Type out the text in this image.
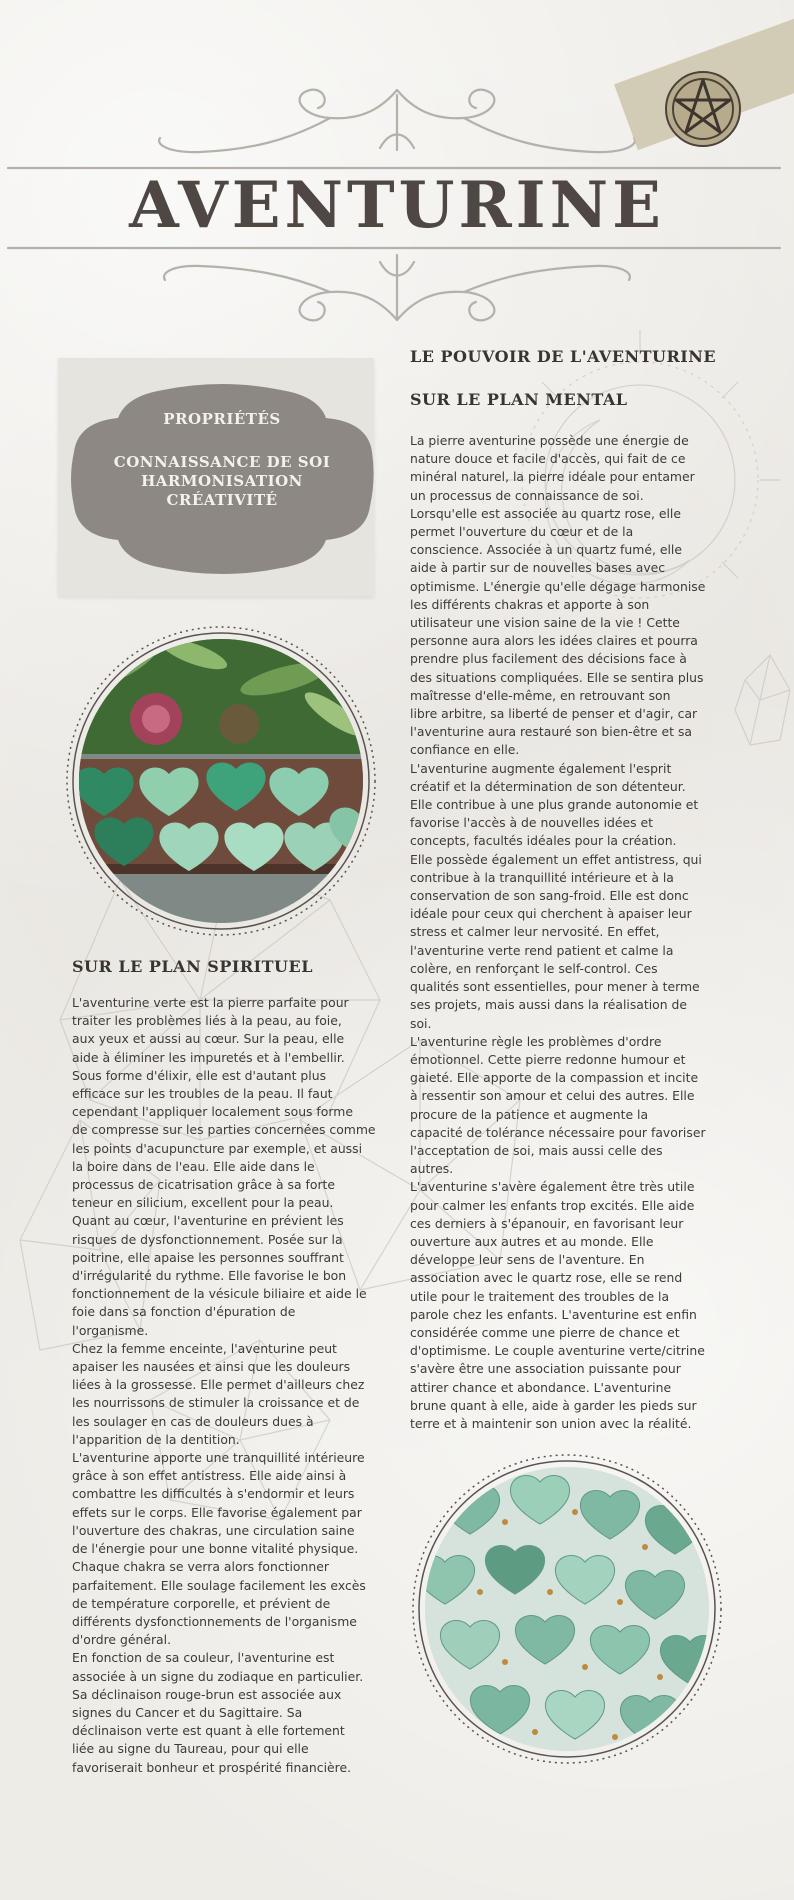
AVENTURINE
PROPRIÉTÉS
CONNAISSANCE DE SOI
HARMONISATION
CRÉATIVITÉ
LE POUVOIR DE L'AVENTURINE
SUR LE PLAN MENTAL

La pierre aventurine possède une énergie de
nature douce et facile d'accès, qui fait de ce
minéral naturel, la pierre idéale pour entamer
un processus de connaissance de soi.
Lorsqu'elle est associée au quartz rose, elle
permet l'ouverture du cœur et de la
conscience. Associée à un quartz fumé, elle
aide à partir sur de nouvelles bases avec
optimisme. L'énergie qu'elle dégage harmonise
les différents chakras et apporte à son
utilisateur une vision saine de la vie ! Cette
personne aura alors les idées claires et pourra
prendre plus facilement des décisions face à
des situations compliquées. Elle se sentira plus
maîtresse d'elle-même, en retrouvant son
libre arbitre, sa liberté de penser et d'agir, car
l'aventurine aura restauré son bien-être et sa
confiance en elle.
L'aventurine augmente également l'esprit
créatif et la détermination de son détenteur.
Elle contribue à une plus grande autonomie et
favorise l'accès à de nouvelles idées et
concepts, facultés idéales pour la création.
Elle possède également un effet antistress, qui
contribue à la tranquillité intérieure et à la
conservation de son sang-froid. Elle est donc
idéale pour ceux qui cherchent à apaiser leur
stress et calmer leur nervosité. En effet,
l'aventurine verte rend patient et calme la
colère, en renforçant le self-control. Ces
qualités sont essentielles, pour mener à terme
ses projets, mais aussi dans la réalisation de
soi.
L'aventurine règle les problèmes d'ordre
émotionnel. Cette pierre redonne humour et
gaieté. Elle apporte de la compassion et incite
à ressentir son amour et celui des autres. Elle
procure de la patience et augmente la
capacité de tolérance nécessaire pour favoriser
l'acceptation de soi, mais aussi celle des
autres.
L'aventurine s'avère également être très utile
pour calmer les enfants trop excités. Elle aide
ces derniers à s'épanouir, en favorisant leur
ouverture aux autres et au monde. Elle
développe leur sens de l'aventure. En
association avec le quartz rose, elle se rend
utile pour le traitement des troubles de la
parole chez les enfants. L'aventurine est enfin
considérée comme une pierre de chance et
d'optimisme. Le couple aventurine verte/citrine
s'avère être une association puissante pour
attirer chance et abondance. L'aventurine
brune quant à elle, aide à garder les pieds sur
terre et à maintenir son union avec la réalité.

SUR LE PLAN SPIRITUEL

L'aventurine verte est la pierre parfaite pour
traiter les problèmes liés à la peau, au foie,
aux yeux et aussi au cœur. Sur la peau, elle
aide à éliminer les impuretés et à l'embellir.
Sous forme d'élixir, elle est d'autant plus
efficace sur les troubles de la peau. Il faut
cependant l'appliquer localement sous forme
de compresse sur les parties concernées comme
les points d'acupuncture par exemple, et aussi
la boire dans de l'eau. Elle aide dans le
processus de cicatrisation grâce à sa forte
teneur en silicium, excellent pour la peau.
Quant au cœur, l'aventurine en prévient les
risques de dysfonctionnement. Posée sur la
poitrine, elle apaise les personnes souffrant
d'irrégularité du rythme. Elle favorise le bon
fonctionnement de la vésicule biliaire et aide le
foie dans sa fonction d'épuration de
l'organisme.
Chez la femme enceinte, l'aventurine peut
apaiser les nausées et ainsi que les douleurs
liées à la grossesse. Elle permet d'ailleurs chez
les nourrissons de stimuler la croissance et de
les soulager en cas de douleurs dues à
l'apparition de la dentition.
L'aventurine apporte une tranquillité intérieure
grâce à son effet antistress. Elle aide ainsi à
combattre les difficultés à s'endormir et leurs
effets sur le corps. Elle favorise également par
l'ouverture des chakras, une circulation saine
de l'énergie pour une bonne vitalité physique.
Chaque chakra se verra alors fonctionner
parfaitement. Elle soulage facilement les excès
de température corporelle, et prévient de
différents dysfonctionnements de l'organisme
d'ordre général.
En fonction de sa couleur, l'aventurine est
associée à un signe du zodiaque en particulier.
Sa déclinaison rouge-brun est associée aux
signes du Cancer et du Sagittaire. Sa
déclinaison verte est quant à elle fortement
liée au signe du Taureau, pour qui elle
favoriserait bonheur et prospérité financière.
